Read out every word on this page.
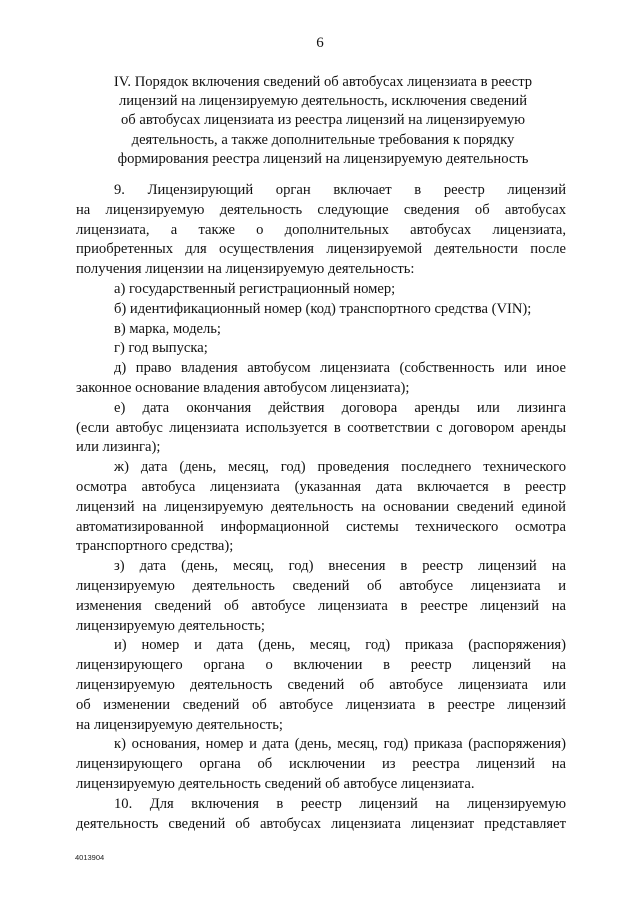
6
IV. Порядок включения сведений об автобусах лицензиата в реестр
лицензий на лицензируемую деятельность, исключения сведений
об автобусах лицензиата из реестра лицензий на лицензируемую
деятельность, а также дополнительные требования к порядку
формирования реестра лицензий на лицензируемую деятельность
9. Лицензирующий орган включает в реестр лицензий
на лицензируемую деятельность следующие сведения об автобусах
лицензиата, а также о дополнительных автобусах лицензиата,
приобретенных для осуществления лицензируемой деятельности после
получения лицензии на лицензируемую деятельность:
а) государственный регистрационный номер;
б) идентификационный номер (код) транспортного средства (VIN);
в) марка, модель;
г) год выпуска;
д) право владения автобусом лицензиата (собственность или иное
законное основание владения автобусом лицензиата);
е) дата окончания действия договора аренды или лизинга
(если автобус лицензиата используется в соответствии с договором аренды
или лизинга);
ж) дата (день, месяц, год) проведения последнего технического
осмотра автобуса лицензиата (указанная дата включается в реестр
лицензий на лицензируемую деятельность на основании сведений единой
автоматизированной информационной системы технического осмотра
транспортного средства);
з) дата (день, месяц, год) внесения в реестр лицензий на
лицензируемую деятельность сведений об автобусе лицензиата и
изменения сведений об автобусе лицензиата в реестре лицензий на
лицензируемую деятельность;
и) номер и дата (день, месяц, год) приказа (распоряжения)
лицензирующего органа о включении в реестр лицензий на
лицензируемую деятельность сведений об автобусе лицензиата или
об изменении сведений об автобусе лицензиата в реестре лицензий
на лицензируемую деятельность;
к) основания, номер и дата (день, месяц, год) приказа (распоряжения)
лицензирующего органа об исключении из реестра лицензий на
лицензируемую деятельность сведений об автобусе лицензиата.
10. Для включения в реестр лицензий на лицензируемую
деятельность сведений об автобусах лицензиата лицензиат представляет
4013904
